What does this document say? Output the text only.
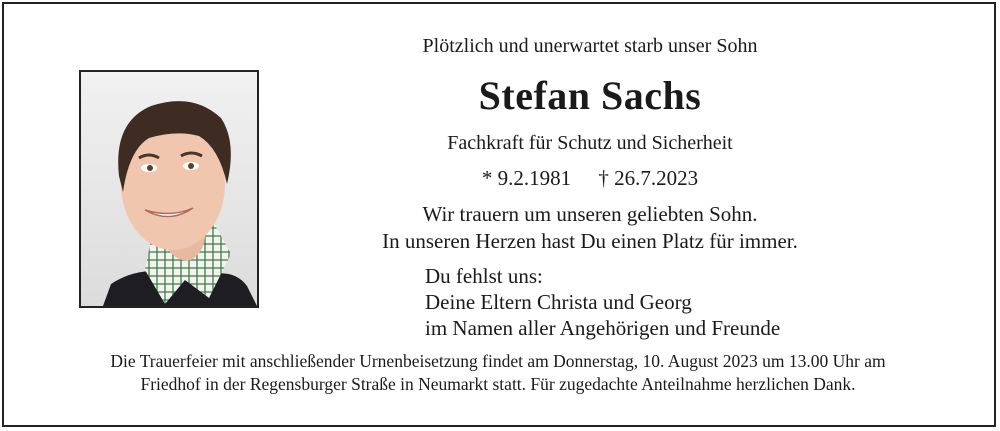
Plötzlich und unerwartet starb unser Sohn
Stefan Sachs
Fachkraft für Schutz und Sicherheit
* 9.2.1981 † 26.7.2023
Wir trauern um unseren geliebten Sohn.
In unseren Herzen hast Du einen Platz für immer.
Du fehlst uns:
Deine Eltern Christa und Georg
im Namen aller Angehörigen und Freunde
Die Trauerfeier mit anschließender Urnenbeisetzung findet am Donnerstag, 10. August 2023 um 13.00 Uhr am
Friedhof in der Regensburger Straße in Neumarkt statt. Für zugedachte Anteilnahme herzlichen Dank.
